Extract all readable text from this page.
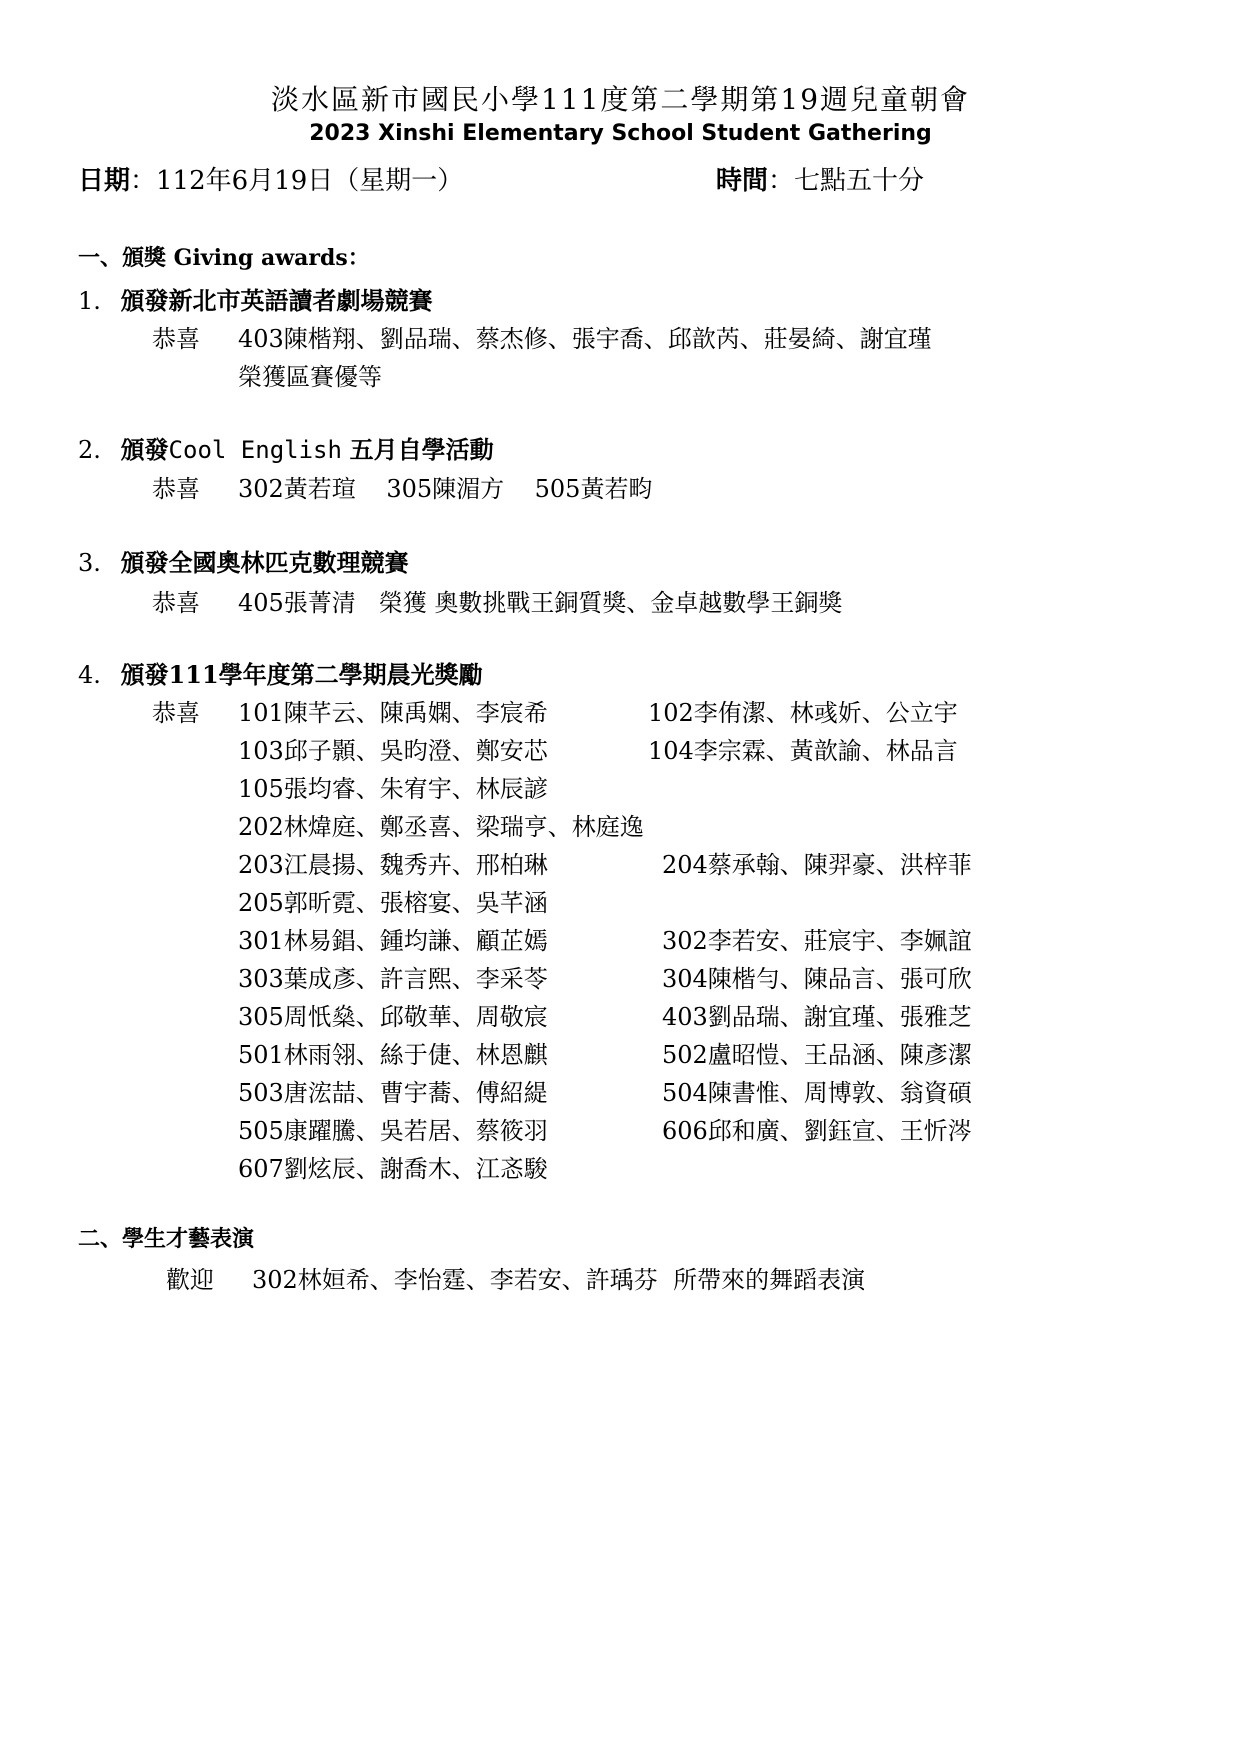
淡水區新市國民小學111度第二學期第19週兒童朝會
2023 Xinshi Elementary School Student Gathering
日期：112年6月19日（星期一）	時間：七點五十分
一、頒獎 Giving awards：
1. 頒發新北市英語讀者劇場競賽
恭喜 403陳楷翔、劉品瑞、蔡杰修、張宇喬、邱歆芮、莊晏綺、謝宜瑾
榮獲區賽優等
2. 頒發Cool English 五月自學活動
恭喜 302黃若瑄    305陳湄方    505黃若畇
3. 頒發全國奧林匹克數理競賽
恭喜 405張菁清   榮獲 奧數挑戰王銅質獎、金卓越數學王銅獎
4. 頒發111學年度第二學期晨光獎勵
恭喜 101陳芊云、陳禹嫻、李宸希	102李侑潔、林彧妡、公立宇
103邱子顥、吳昀澄、鄭安芯	104李宗霖、黃歆諭、林品言
105張均睿、朱宥宇、林辰諺
202林煒庭、鄭丞喜、梁瑞亨、林庭逸
203江晨揚、魏秀卉、邢柏琳	204蔡承翰、陳羿豪、洪梓菲
205郭昕霓、張榕宴、吳芊涵
301林易錩、鍾均謙、顧芷嫣	302李若安、莊宸宇、李姵誼
303葉成彥、許言熙、李采苓	304陳楷勻、陳品言、張可欣
305周忯燊、邱敬華、周敬宸	403劉品瑞、謝宜瑾、張雅芝
501林雨翎、絲于倢、林恩麒	502盧昭愷、王品涵、陳彥潔
503唐浤喆、曹宇蕎、傅紹緹	504陳書惟、周博敦、翁資碩
505康躍騰、吳若居、蔡筱羽	606邱和廣、劉鈺宣、王忻涔
607劉炫辰、謝喬木、江忞駿
二、學生才藝表演
歡迎 302林姮希、李怡霆、李若安、許瑀芬  所帶來的舞蹈表演
